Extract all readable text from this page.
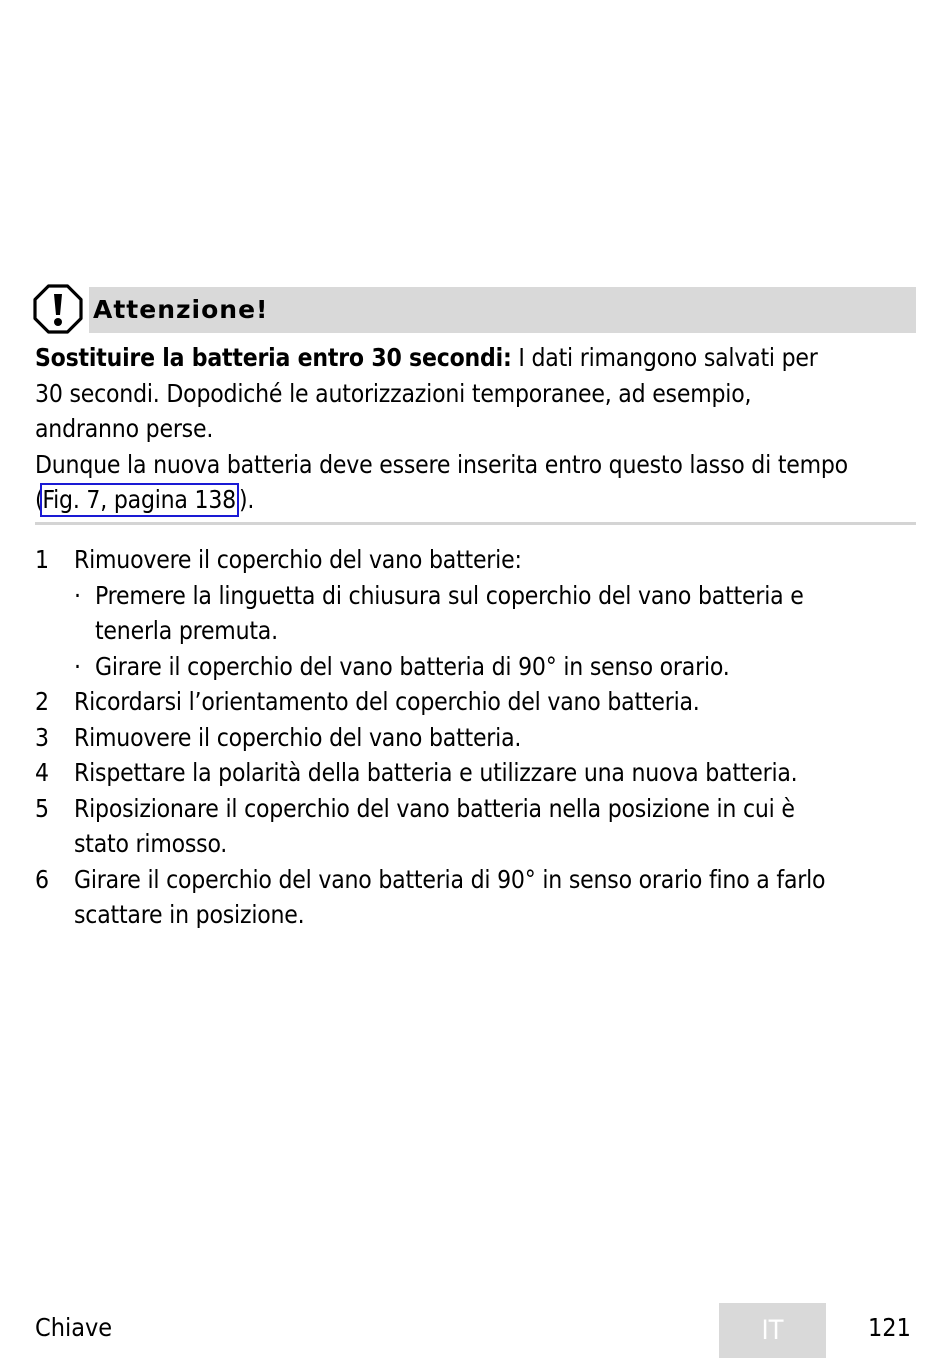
Attenzione!

Sostituire la batteria entro 30 secondi: I dati rimangono salvati per

30 secondi. Dopodiché le autorizzazioni temporanee, ad esempio,

andranno perse.

Dunque la nuova batteria deve essere inserita entro questo lasso di tempo

(Fig. 7, pagina 138 ).

1 Rimuovere il coperchio del vano batterie:
· Premere la linguetta di chiusura sul coperchio del vano batteria e
tenerla premuta.
· Girare il coperchio del vano batteria di 90° in senso orario.
2 Ricordarsi l’orientamento del coperchio del vano batteria.
3 Rimuovere il coperchio del vano batteria.
4 Rispettare la polarità della batteria e utilizzare una nuova batteria.
5 Riposizionare il coperchio del vano batteria nella posizione in cui è
stato rimosso.
6 Girare il coperchio del vano batteria di 90° in senso orario fino a farlo
scattare in posizione.
Chiave	IT	121
